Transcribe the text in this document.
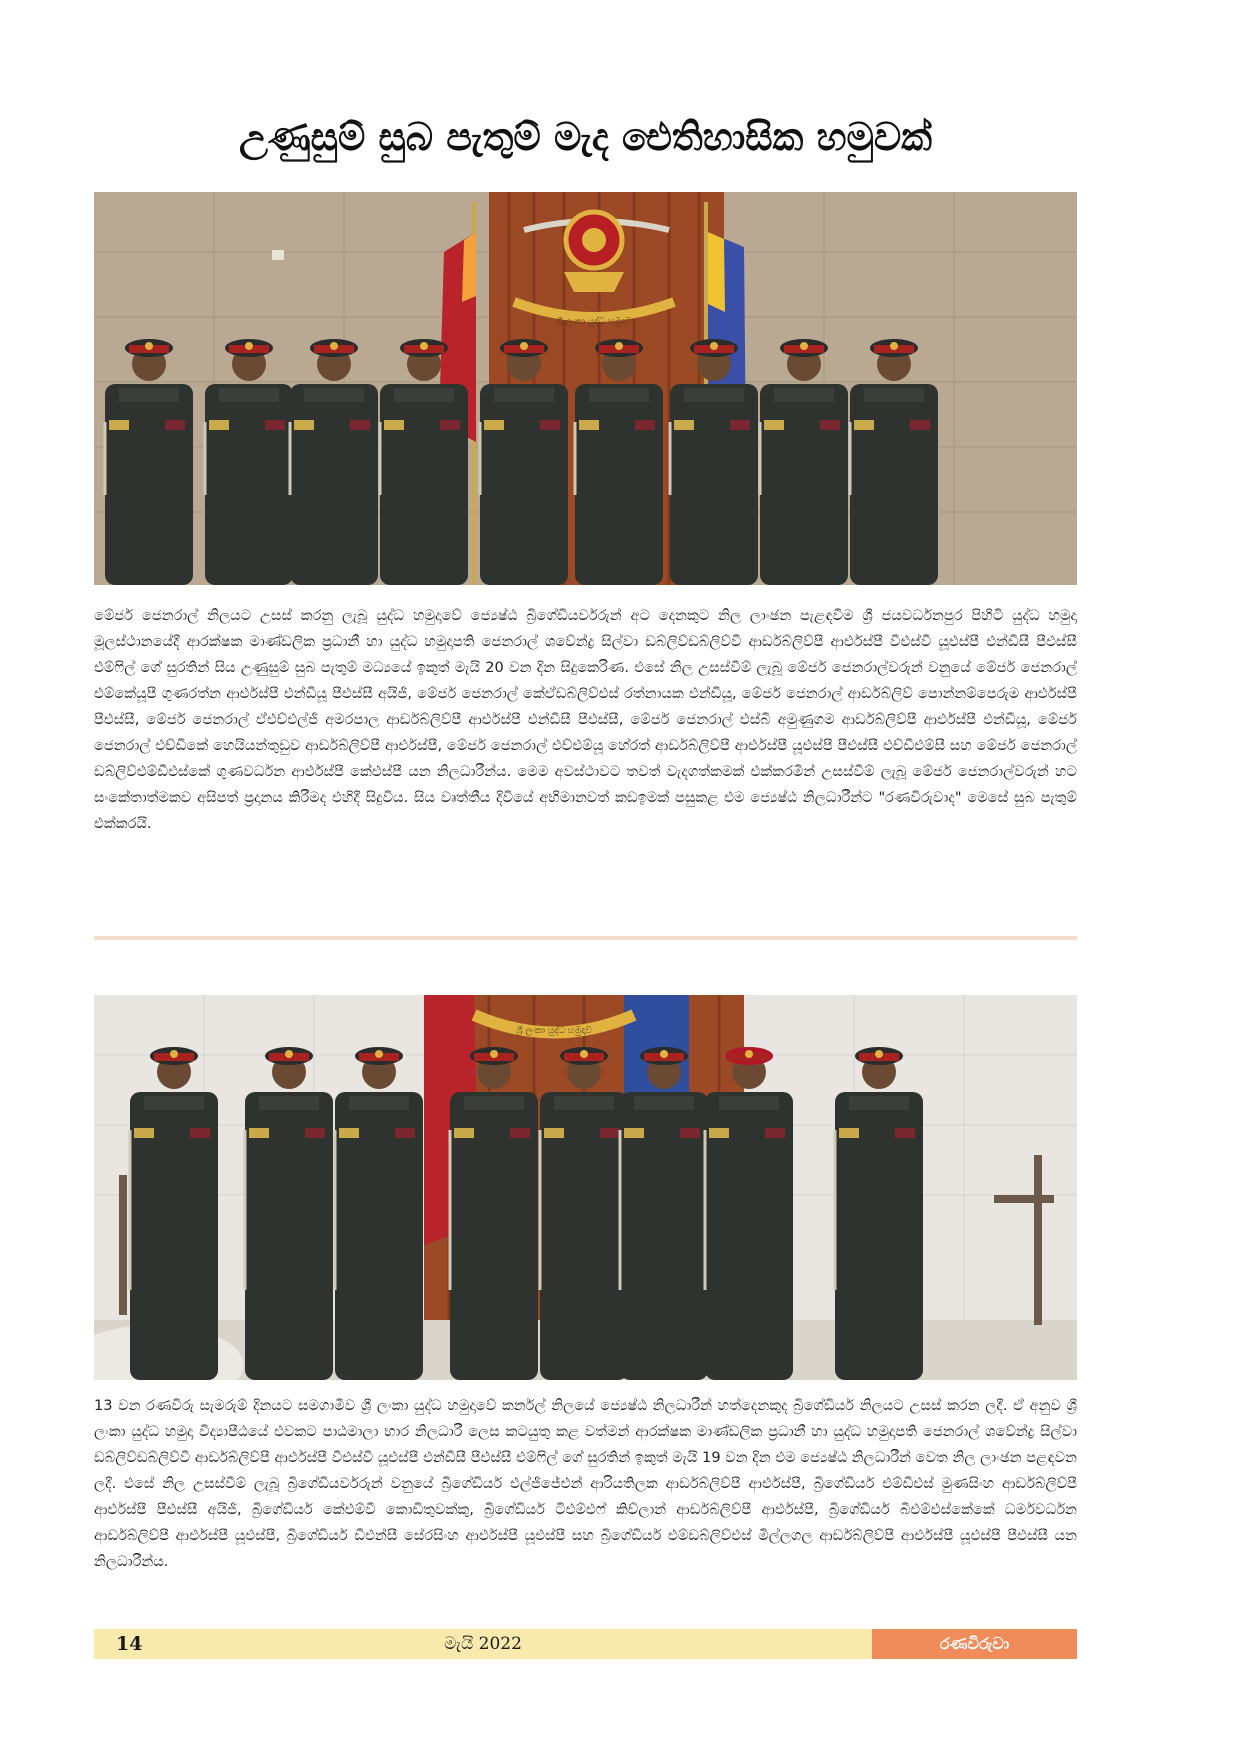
උණුසුම් සුබ පැතුම් මැද ඓතිහාසික හමුවක්
ශ්‍රී ලංකා යුද්ධ හමුදාව
මේජර් ජෙනරාල් නිලයට උසස් කරනු ලැබූ යුද්ධ හමුදාවේ ජ්‍යෙෂ්ඨ බ්‍රිගේඩියර්වරුන් අට දෙනකුට නිල ලාංඡන පැළඳවීම ශ්‍රී ජයවර්ධනපුර පිහිටි යුද්ධ හමුදා මූලස්ථානයේදී ආරක්ෂක මාණ්ඩලික ප්‍රධානී හා යුද්ධ හමුදාපති ජෙනරාල් ශවේන්ද්‍ර සිල්වා ඩබ්ලිව්ඩබ්ලිව්වී ආර්ඩබ්ලිව්පී ආර්එස්පී වීඑස්වී යූඑස්පී එන්ඩීසී පීඑස්සී එම්ෆිල් ගේ සුරතින් සිය උණුසුම් සුබ පැතුම් මධ්‍යයේ ඉකුත් මැයි 20 වන දින සිදුකෙරිණ. එසේ නිල උසස්වීම් ලැබූ මේජර් ජෙනරාල්වරුන් වනුයේ මේජර් ජෙනරාල් එම්කේයූපී ගුණරත්න ආර්එස්පී එන්ඩීයූ පීඑස්සී අයිජී, මේජර් ජෙනරාල් කේඒඩබ්ලිව්එස් රත්නායක එන්ඩීයූ, මේජර් ජෙනරාල් ආර්ඩබ්ලිව් පොන්නම්පෙරුම ආර්එස්පී පීඑස්සී, මේජර් ජෙනරාල් ඒඑච්එල්ජී අමරපාල ආර්ඩබ්ලිව්පී ආර්එස්පී එන්ඩීසී පීඑස්සී, මේජර් ජෙනරාල් එස්බී අමුණුගම ආර්ඩබ්ලිව්පී ආර්එස්පී එන්ඩීයූ, මේජර් ජෙනරාල් එච්ඩීකේ හෙයියන්තුඩුව ආර්ඩබ්ලිව්පී ආර්එස්පී, මේජර් ජෙනරාල් එච්එම්යූ හේරත් ආර්ඩබ්ලිව්පී ආර්එස්පී යූඑස්පී පීඑස්සී එච්ඩීඑම්සී සහ මේජර් ජෙනරාල් ඩබ්ලිව්එම්ඩීඑස්කේ ගුණවර්ධන ආර්එස්පී කේඑස්පී යන නිලධාරීන්ය. මෙම අවස්ථාවට තවත් වැදගත්කමක් එක්කරමින් උසස්වීම් ලැබූ මේජර් ජෙනරාල්වරුන් හට සංකේතාත්මකව අසිපත් ප්‍රදානය කිරීමද එහිදී සිදුවිය. සිය වෘත්තීය දිවියේ අභිමානවත් කඩඉමක් පසුකළ එම ජ්‍යෙෂ්ඨ නිලධාරීන්ට "රණවිරුවාද" මෙසේ සුබ පැතුම් එක්කරයි.
ශ්‍රී ලංකා යුද්ධ හමුදාව
13 වන රණවිරු සැමරුම් දිනයට සමගාමීව ශ්‍රී ලංකා යුද්ධ හමුදාවේ කර්නල් නිලයේ ජ්‍යෙෂ්ඨ නිලධාරීන් හත්දෙනකුද බ්‍රිගේඩියර් නිලයට උසස් කරන ලදී. ඒ අනුව ශ්‍රී ලංකා යුද්ධ හමුදා විද්‍යාපීඨයේ එවකට පාඨමාලා භාර නිලධාරී ලෙස කටයුතු කළ වත්මන් ආරක්ෂක මාණ්ඩලික ප්‍රධානී හා යුද්ධ හමුදාපති ජෙනරාල් ශවේන්ද්‍ර සිල්වා ඩබ්ලිව්ඩබ්ලිව්වී ආර්ඩබ්ලිව්පී ආර්එස්පී වීඑස්වී යූඑස්පී එන්ඩීසී පීඑස්සී එම්ෆිල් ගේ සුරතින් ඉකුත් මැයි 19 වන දින එම ජ්‍යෙෂ්ඨ නිලධාරීන් වෙත නිල ලාංඡන පළඳවන ලදී. එසේ නිල උසස්වීම් ලැබූ බ්‍රිගේඩියර්වරුන් වනුයේ බ්‍රිගේඩියර් එල්ජීජේඑන් ආරියතිලක ආර්ඩබ්ලිව්පී ආර්එස්පී, බ්‍රිගේඩියර් එම්ඩීඑස් මුණසිංහ ආර්ඩබ්ලිව්පී ආර්එස්පී පීඑස්සී අයිජී, බ්‍රිගේඩියර් කේඑම්වී කොඩිතුවක්කු, බ්‍රිගේඩියර් ටීඑම්එෆ් කිච්ලාන් ආර්ඩබ්ලිව්පී ආර්එස්පී, බ්‍රිගේඩියර් බීඑම්එස්කේකේ ධර්මවර්ධන ආර්ඩබ්ලිව්පී ආර්එස්පී යූඑස්පී, බ්‍රිගේඩියර් ඩීඑන්සී සේරසිංහ ආර්එස්පී යූඑස්පී සහ බ්‍රිගේඩියර් එම්ඩබ්ලිව්එස් මිල්ලගල ආර්ඩබ්ලිව්පී ආර්එස්පී යූඑස්පී පීඑස්සී යන නිලධාරීන්ය.
14	මැයි 2022	රණවිරුවා
